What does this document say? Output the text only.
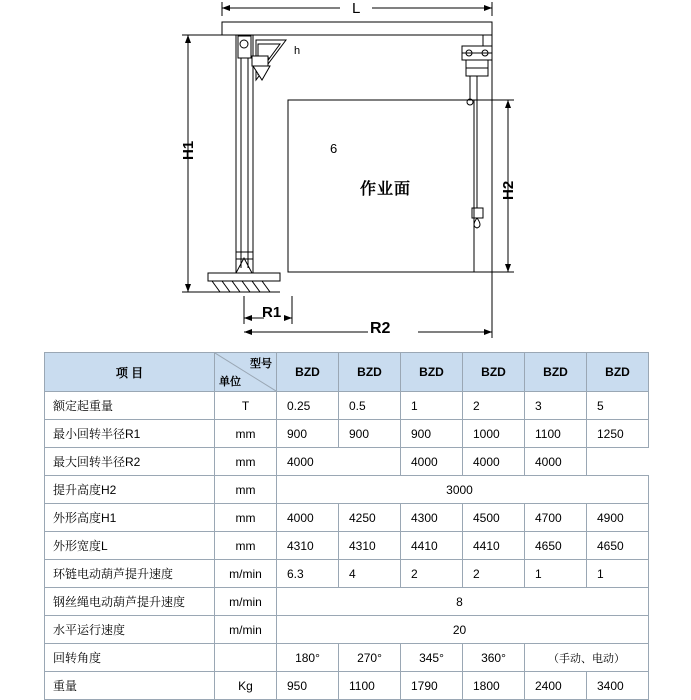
L
H1
H2
R1
R2
6
作业面
h
项 目	型号
单位	BZD	BZD	BZD	BZD	BZD	BZD
额定起重量	T	0.25	0.5	1	2	3	5
最小回转半径R1	mm	900	900	900	1000	1100	1250
最大回转半径R2	mm	4000		4000	4000	4000	
提升高度H2	mm	3000					
外形高度H1	mm	4000	4250	4300	4500	4700	4900
外形宽度L	mm	4310	4310	4410	4410	4650	4650
环链电动葫芦提升速度	m/min	6.3	4	2	2	1	1
钢丝绳电动葫芦提升速度	m/min	8					
水平运行速度	m/min	20					
回转角度		180°	270°	345°	360°	（手动、电动）	
重量	Kg	950	1100	1790	1800	2400	3400
